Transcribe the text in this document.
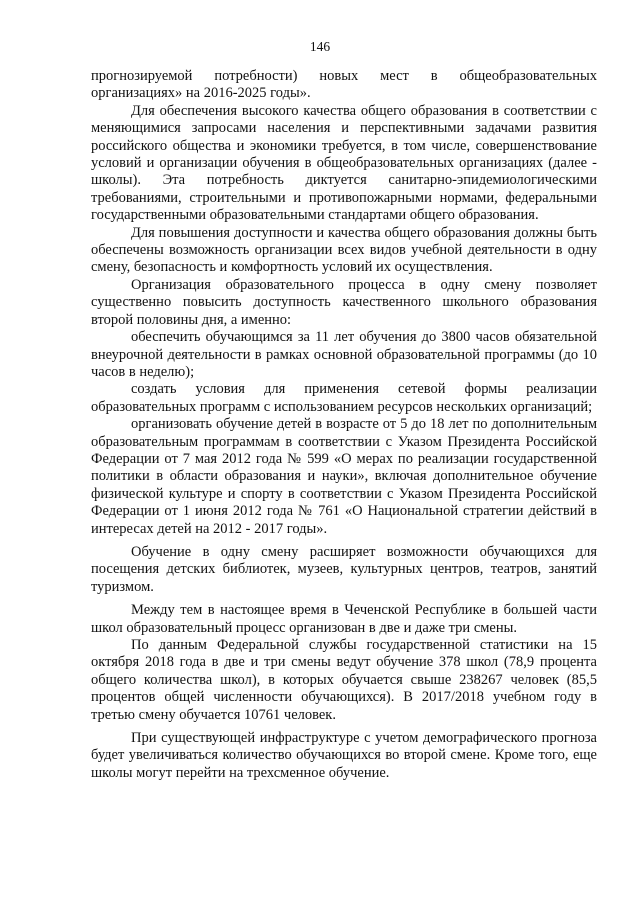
146

прогнозируемой потребности) новых мест в общеобразовательных организациях» на 2016-2025 годы».

Для обеспечения высокого качества общего образования в соответствии с меняющимися запросами населения и перспективными задачами развития российского общества и экономики требуется, в том числе, совершенствование условий и организации обучения в общеобразовательных организациях (далее - школы). Эта потребность диктуется санитарно-эпидемиологическими требованиями, строительными и противопожарными нормами, федеральными государственными образовательными стандартами общего образования.

Для повышения доступности и качества общего образования должны быть обеспечены возможность организации всех видов учебной деятельности в одну смену, безопасность и комфортность условий их осуществления.

Организация образовательного процесса в одну смену позволяет существенно повысить доступность качественного школьного образования второй половины дня, а именно:

обеспечить обучающимся за 11 лет обучения до 3800 часов обязательной внеурочной деятельности в рамках основной образовательной программы (до 10 часов в неделю);

создать условия для применения сетевой формы реализации образовательных программ с использованием ресурсов нескольких организаций;

организовать обучение детей в возрасте от 5 до 18 лет по дополнительным образовательным программам в соответствии с Указом Президента Российской Федерации от 7 мая 2012 года № 599 «О мерах по реализации государственной политики в области образования и науки», включая дополнительное обучение физической культуре и спорту в соответствии с Указом Президента Российской Федерации от 1 июня 2012 года № 761 «О Национальной стратегии действий в интересах детей на 2012 - 2017 годы».

Обучение в одну смену расширяет возможности обучающихся для посещения детских библиотек, музеев, культурных центров, театров, занятий туризмом.

Между тем в настоящее время в Чеченской Республике в большей части школ образовательный процесс организован в две и даже три смены.

По данным Федеральной службы государственной статистики на 15 октября 2018 года в две и три смены ведут обучение 378 школ (78,9 процента общего количества школ), в которых обучается свыше 238267 человек (85,5 процентов общей численности обучающихся). В 2017/2018 учебном году в третью смену обучается 10761 человек.

При существующей инфраструктуре с учетом демографического прогноза будет увеличиваться количество обучающихся во второй смене. Кроме того, еще школы могут перейти на трехсменное обучение.
